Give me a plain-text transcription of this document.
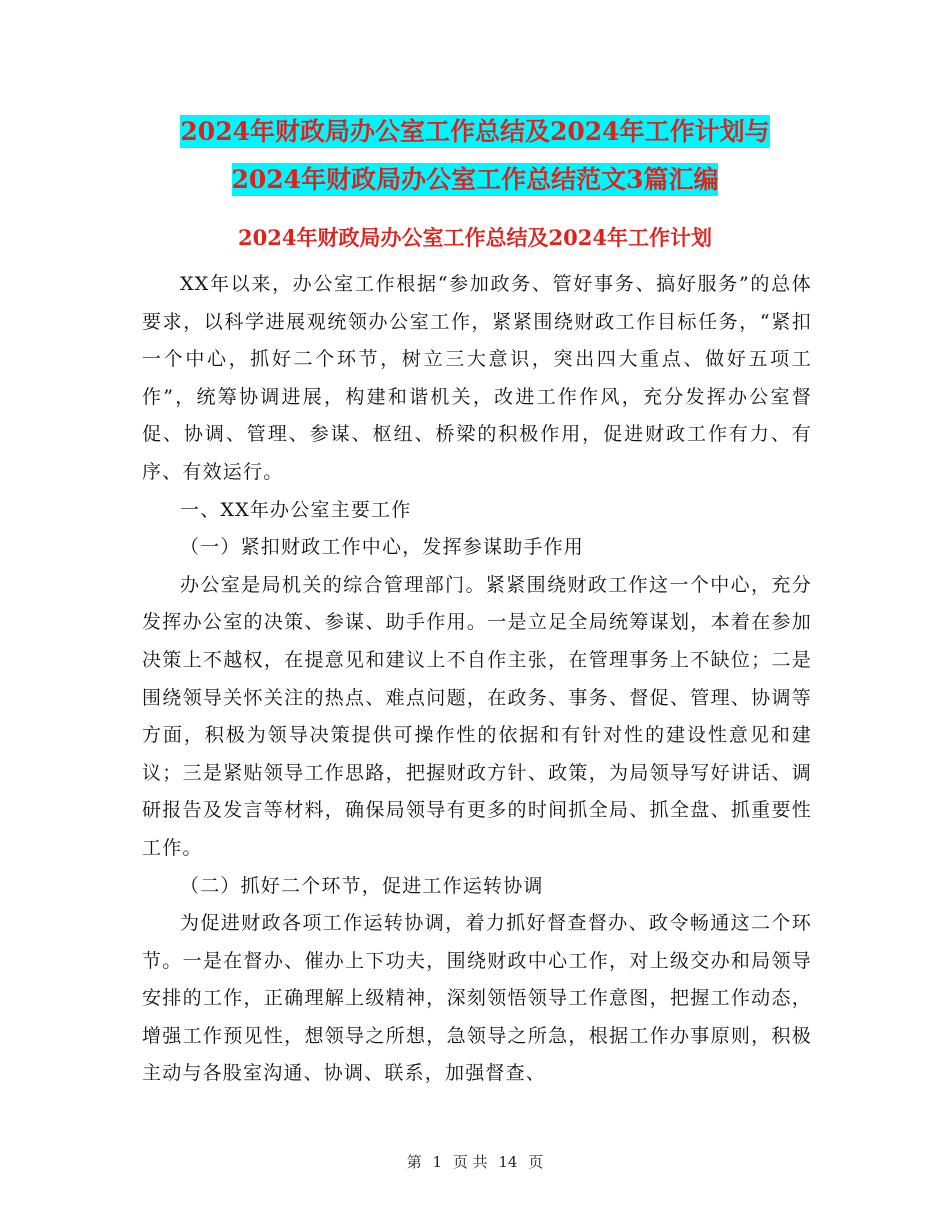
2024年财政局办公室工作总结及2024年工作计划与
2024年财政局办公室工作总结范文3篇汇编
2024年财政局办公室工作总结及2024年工作计划

XX年以来，办公室工作根据“参加政务、管好事务、搞好服务”的总体要求，以科学进展观统领办公室工作，紧紧围绕财政工作目标任务，“紧扣一个中心，抓好二个环节，树立三大意识，突出四大重点、做好五项工作”，统筹协调进展，构建和谐机关，改进工作作风，充分发挥办公室督促、协调、管理、参谋、枢纽、桥梁的积极作用，促进财政工作有力、有序、有效运行。

一、XX年办公室主要工作

（一）紧扣财政工作中心，发挥参谋助手作用

办公室是局机关的综合管理部门。紧紧围绕财政工作这一个中心，充分发挥办公室的决策、参谋、助手作用。一是立足全局统筹谋划，本着在参加决策上不越权，在提意见和建议上不自作主张，在管理事务上不缺位；二是围绕领导关怀关注的热点、难点问题，在政务、事务、督促、管理、协调等方面，积极为领导决策提供可操作性的依据和有针对性的建设性意见和建议；三是紧贴领导工作思路，把握财政方针、政策，为局领导写好讲话、调研报告及发言等材料，确保局领导有更多的时间抓全局、抓全盘、抓重要性工作。

（二）抓好二个环节，促进工作运转协调

为促进财政各项工作运转协调，着力抓好督查督办、政令畅通这二个环节。一是在督办、催办上下功夫，围绕财政中心工作，对上级交办和局领导安排的工作，正确理解上级精神，深刻领悟领导工作意图，把握工作动态，增强工作预见性，想领导之所想，急领导之所急，根据工作办事原则，积极主动与各股室沟通、协调、联系，加强督查、

第 1 页 共 14 页
